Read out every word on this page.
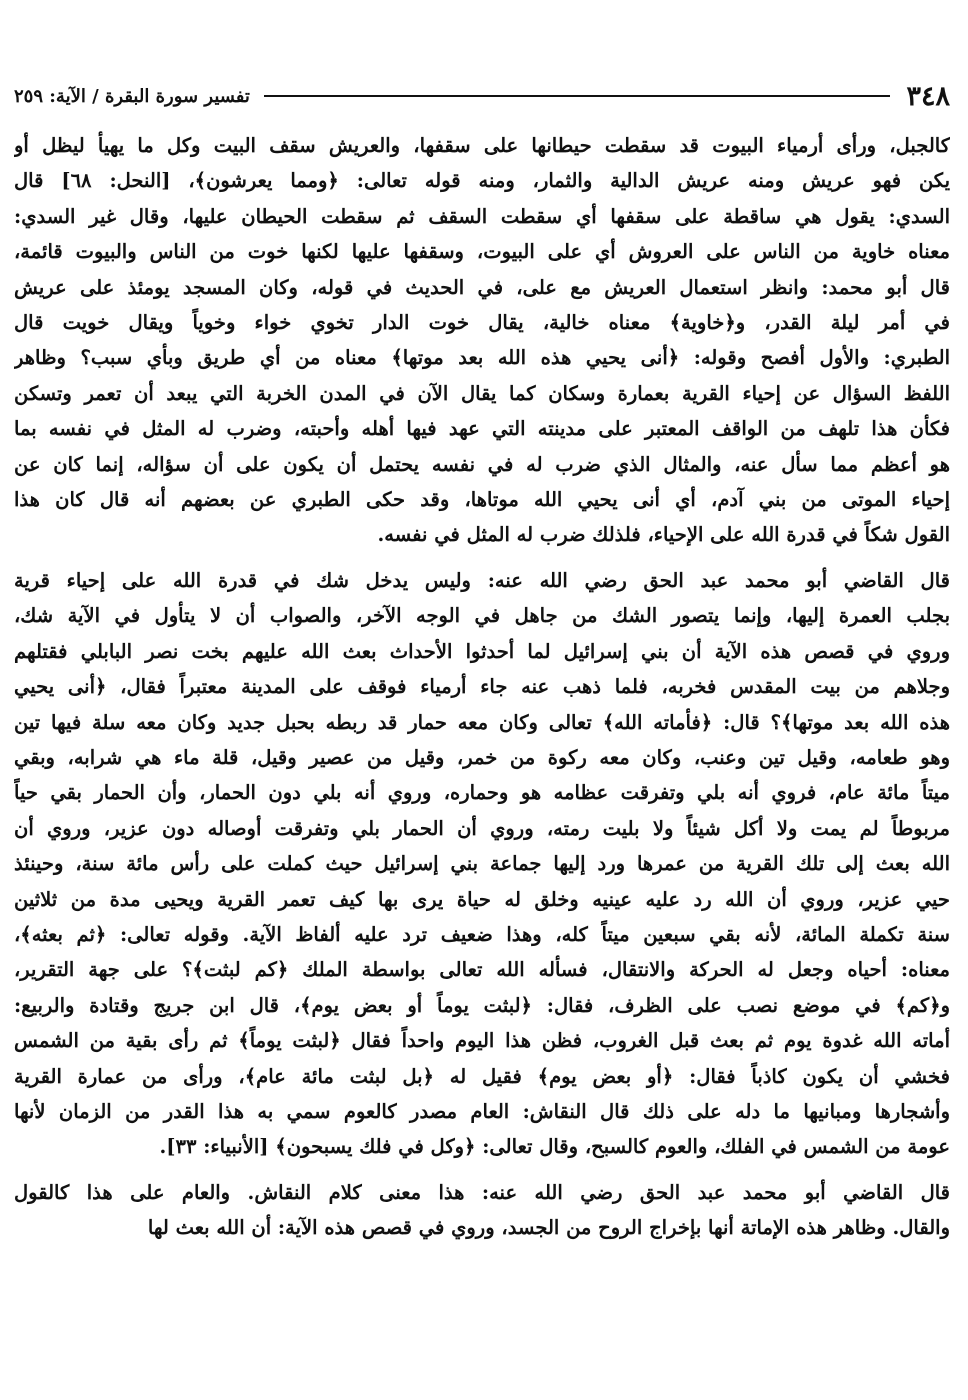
٣٤٨
تفسير سورة البقرة / الآية: ٢٥٩

كالجبل، ورأى أرمياء البيوت قد سقطت حيطانها على سقفها، والعريش سقف البيت وكل ما يهيأ ليظل أو
يكن فهو عريش ومنه عريش الدالية والثمار، ومنه قوله تعالى: ﴿ومما يعرشون﴾، [النحل: ٦٨] قال
السدي: يقول هي ساقطة على سقفها أي سقطت السقف ثم سقطت الحيطان عليها، وقال غير السدي:
معناه خاوية من الناس على العروش أي على البيوت، وسقفها عليها لكنها خوت من الناس والبيوت قائمة،
قال أبو محمد: وانظر استعمال العريش مع على، في الحديث في قوله، وكان المسجد يومئذ على عريش
في أمر ليلة القدر، و﴿خاوية﴾ معناه خالية، يقال خوت الدار تخوي خواء وخوياً ويقال خويت قال
الطبري: والأول أفصح وقوله: ﴿أنى يحيي هذه الله بعد موتها﴾ معناه من أي طريق وبأي سبب؟ وظاهر
اللفظ السؤال عن إحياء القرية بعمارة وسكان كما يقال الآن في المدن الخربة التي يبعد أن تعمر وتسكن
فكأن هذا تلهف من الواقف المعتبر على مدينته التي عهد فيها أهله وأحبته، وضرب له المثل في نفسه بما
هو أعظم مما سأل عنه، والمثال الذي ضرب له في نفسه يحتمل أن يكون على أن سؤاله، إنما كان عن
إحياء الموتى من بني آدم، أي أنى يحيي الله موتاها، وقد حكى الطبري عن بعضهم أنه قال كان هذا
القول شكاً في قدرة الله على الإحياء، فلذلك ضرب له المثل في نفسه.

قال القاضي أبو محمد عبد الحق رضي الله عنه: وليس يدخل شك في قدرة الله على إحياء قرية
بجلب العمرة إليها، وإنما يتصور الشك من جاهل في الوجه الآخر، والصواب أن لا يتأول في الآية شك،
وروي في قصص هذه الآية أن بني إسرائيل لما أحدثوا الأحداث بعث الله عليهم بخت نصر البابلي فقتلهم
وجلاهم من بيت المقدس فخربه، فلما ذهب عنه جاء أرمياء فوقف على المدينة معتبراً فقال، ﴿أنى يحيي
هذه الله بعد موتها﴾؟ قال: ﴿فأماته الله﴾ تعالى وكان معه حمار قد ربطه بحبل جديد وكان معه سلة فيها تين
وهو طعامه، وقيل تين وعنب، وكان معه ركوة من خمر، وقيل من عصير وقيل، قلة ماء هي شرابه، وبقي
ميتاً مائة عام، فروي أنه بلي وتفرقت عظامه هو وحماره، وروي أنه بلي دون الحمار، وأن الحمار بقي حياً
مربوطاً لم يمت ولا أكل شيئاً ولا بليت رمته، وروي أن الحمار بلي وتفرقت أوصاله دون عزير، وروي أن
الله بعث إلى تلك القرية من عمرها ورد إليها جماعة بني إسرائيل حيث كملت على رأس مائة سنة، وحينئذ
حيي عزير، وروي أن الله رد عليه عينيه وخلق له حياة يرى بها كيف تعمر القرية ويحيى مدة من ثلاثين
سنة تكملة المائة، لأنه بقي سبعين ميتاً كله، وهذا ضعيف ترد عليه ألفاظ الآية. وقوله تعالى: ﴿ثم بعثه﴾،
معناه: أحياه وجعل له الحركة والانتقال، فسأله الله تعالى بواسطة الملك ﴿كم لبثت﴾؟ على جهة التقرير،
و﴿كم﴾ في موضع نصب على الظرف، فقال: ﴿لبثت يوماً أو بعض يوم﴾، قال ابن جريج وقتادة والربيع:
أماته الله غدوة يوم ثم بعث قبل الغروب، فظن هذا اليوم واحداً فقال ﴿لبثت يوماً﴾ ثم رأى بقية من الشمس
فخشي أن يكون كاذباً فقال: ﴿أو بعض يوم﴾ فقيل له ﴿بل لبثت مائة عام﴾، ورأى من عمارة القرية
وأشجارها ومبانيها ما دله على ذلك قال النقاش: العام مصدر كالعوم سمي به هذا القدر من الزمان لأنها
عومة من الشمس في الفلك، والعوم كالسبح، وقال تعالى: ﴿وكل في فلك يسبحون﴾ [الأنبياء: ٣٣].

قال القاضي أبو محمد عبد الحق رضي الله عنه: هذا معنى كلام النقاش. والعام على هذا كالقول
والقال. وظاهر هذه الإماتة أنها بإخراج الروح من الجسد، وروي في قصص هذه الآية: أن الله بعث لها
